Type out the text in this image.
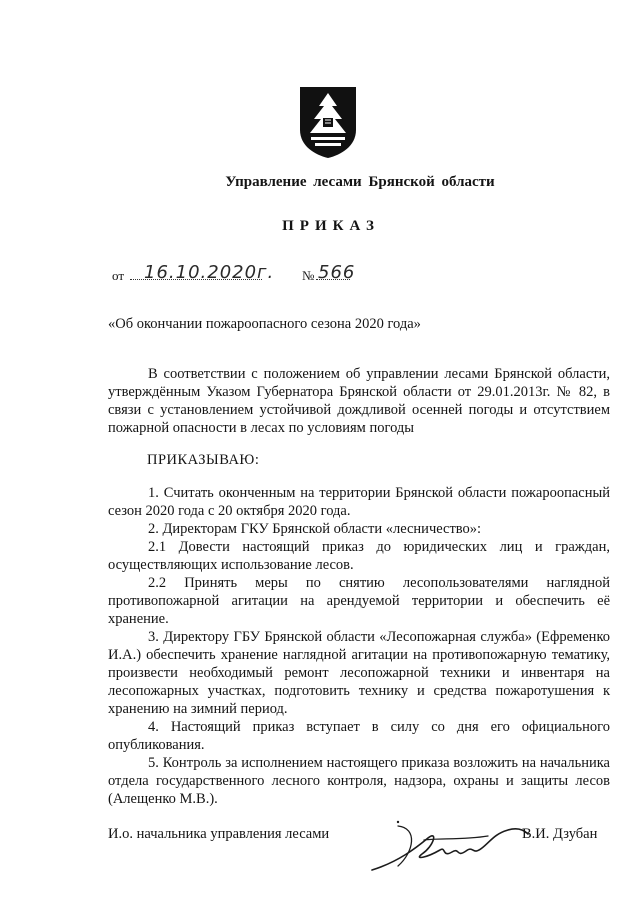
Управление лесами Брянской области
ПРИКАЗ
от 16.10.2020г. № 566
«Об окончании пожароопасного сезона 2020 года»
В соответствии с положением об управлении лесами Брянской области, утверждённым Указом Губернатора Брянской области от 29.01.2013г. № 82, в связи с установлением устойчивой дождливой осенней погоды и отсутствием пожарной опасности в лесах по условиям погоды
ПРИКАЗЫВАЮ:

1. Считать оконченным на территории Брянской области пожароопасный сезон 2020 года с 20 октября 2020 года.

2. Директорам ГКУ Брянской области «лесничество»:

2.1 Довести настоящий приказ до юридических лиц и граждан, осуществляющих использование лесов.

2.2 Принять меры по снятию лесопользователями наглядной противопожарной агитации на арендуемой территории и обеспечить её хранение.

3. Директору ГБУ Брянской области «Лесопожарная служба» (Ефременко И.А.) обеспечить хранение наглядной агитации на противопожарную тематику, произвести необходимый ремонт лесопожарной техники и инвентаря на лесопожарных участках, подготовить технику и средства пожаротушения к хранению на зимний период.

4. Настоящий приказ вступает в силу со дня его официального опубликования.

5. Контроль за исполнением настоящего приказа возложить на начальника отдела государственного лесного контроля, надзора, охраны и защиты лесов (Алещенко М.В.).

И.о. начальника управления лесами	В.И. Дзубан
